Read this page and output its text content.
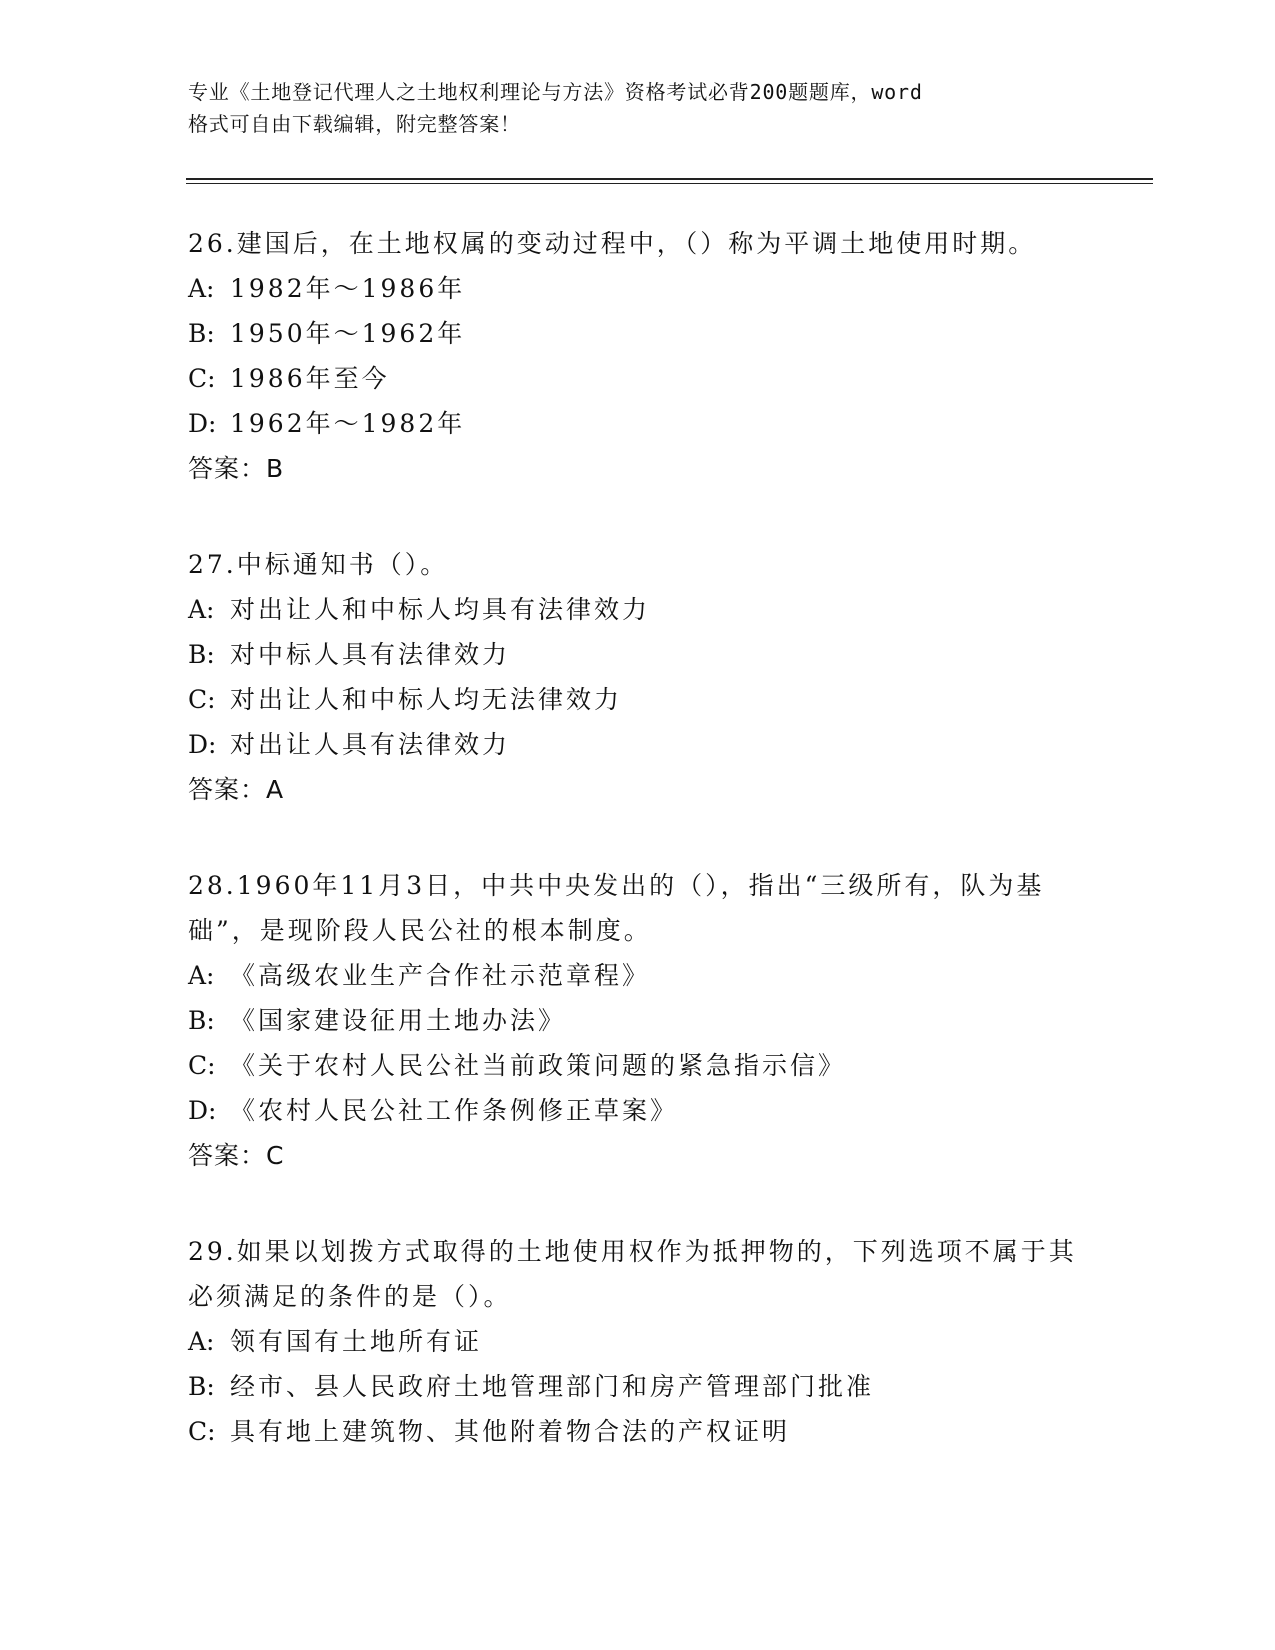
专业《土地登记代理人之土地权利理论与方法》资格考试必背200题题库，word
格式可自由下载编辑，附完整答案！

26.建国后，在土地权属的变动过程中，（）称为平调土地使用时期。

A: 1982年～1986年

B: 1950年～1962年

C: 1986年至今

D: 1962年～1982年

答案：B

27.中标通知书（）。

A: 对出让人和中标人均具有法律效力

B: 对中标人具有法律效力

C: 对出让人和中标人均无法律效力

D: 对出让人具有法律效力

答案：A

28.1960年11月3日，中共中央发出的（），指出“三级所有，队为基础”，是现阶段人民公社的根本制度。

A: 《高级农业生产合作社示范章程》

B: 《国家建设征用土地办法》

C: 《关于农村人民公社当前政策问题的紧急指示信》

D: 《农村人民公社工作条例修正草案》

答案：C

29.如果以划拨方式取得的土地使用权作为抵押物的，下列选项不属于其必须满足的条件的是（）。

A: 领有国有土地所有证

B: 经市、县人民政府土地管理部门和房产管理部门批准

C: 具有地上建筑物、其他附着物合法的产权证明
